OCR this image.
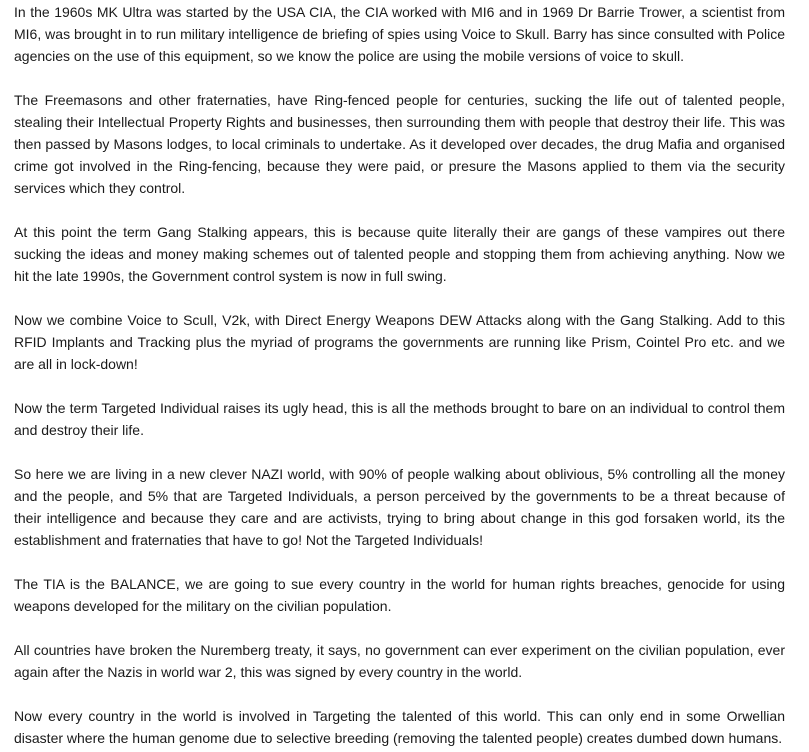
In the 1960s MK Ultra was started by the USA CIA, the CIA worked with MI6 and in 1969 Dr Barrie Trower, a scientist from MI6, was brought in to run military intelligence de briefing of spies using Voice to Skull. Barry has since consulted with Police agencies on the use of this equipment, so we know the police are using the mobile versions of voice to skull.

The Freemasons and other fraternaties, have Ring-fenced people for centuries, sucking the life out of talented people, stealing their Intellectual Property Rights and businesses, then surrounding them with people that destroy their life. This was then passed by Masons lodges, to local criminals to undertake. As it developed over decades, the drug Mafia and organised crime got involved in the Ring-fencing, because they were paid, or presure the Masons applied to them via the security services which they control.

At this point the term Gang Stalking appears, this is because quite literally their are gangs of these vampires out there sucking the ideas and money making schemes out of talented people and stopping them from achieving anything. Now we hit the late 1990s, the Government control system is now in full swing.

Now we combine Voice to Scull, V2k, with Direct Energy Weapons DEW Attacks along with the Gang Stalking. Add to this RFID Implants and Tracking plus the myriad of programs the governments are running like Prism, Cointel Pro etc. and we are all in lock-down!

Now the term Targeted Individual raises its ugly head, this is all the methods brought to bare on an individual to control them and destroy their life.

So here we are living in a new clever NAZI world, with 90% of people walking about oblivious, 5% controlling all the money and the people, and 5% that are Targeted Individuals, a person perceived by the governments to be a threat because of their intelligence and because they care and are activists, trying to bring about change in this god forsaken world, its the establishment and fraternaties that have to go! Not the Targeted Individuals!

The TIA is the BALANCE, we are going to sue every country in the world for human rights breaches, genocide for using weapons developed for the military on the civilian population.

All countries have broken the Nuremberg treaty, it says, no government can ever experiment on the civilian population, ever again after the Nazis in world war 2, this was signed by every country in the world.

Now every country in the world is involved in Targeting the talented of this world. This can only end in some Orwellian disaster where the human genome due to selective breeding (removing the talented people) creates dumbed down humans.
